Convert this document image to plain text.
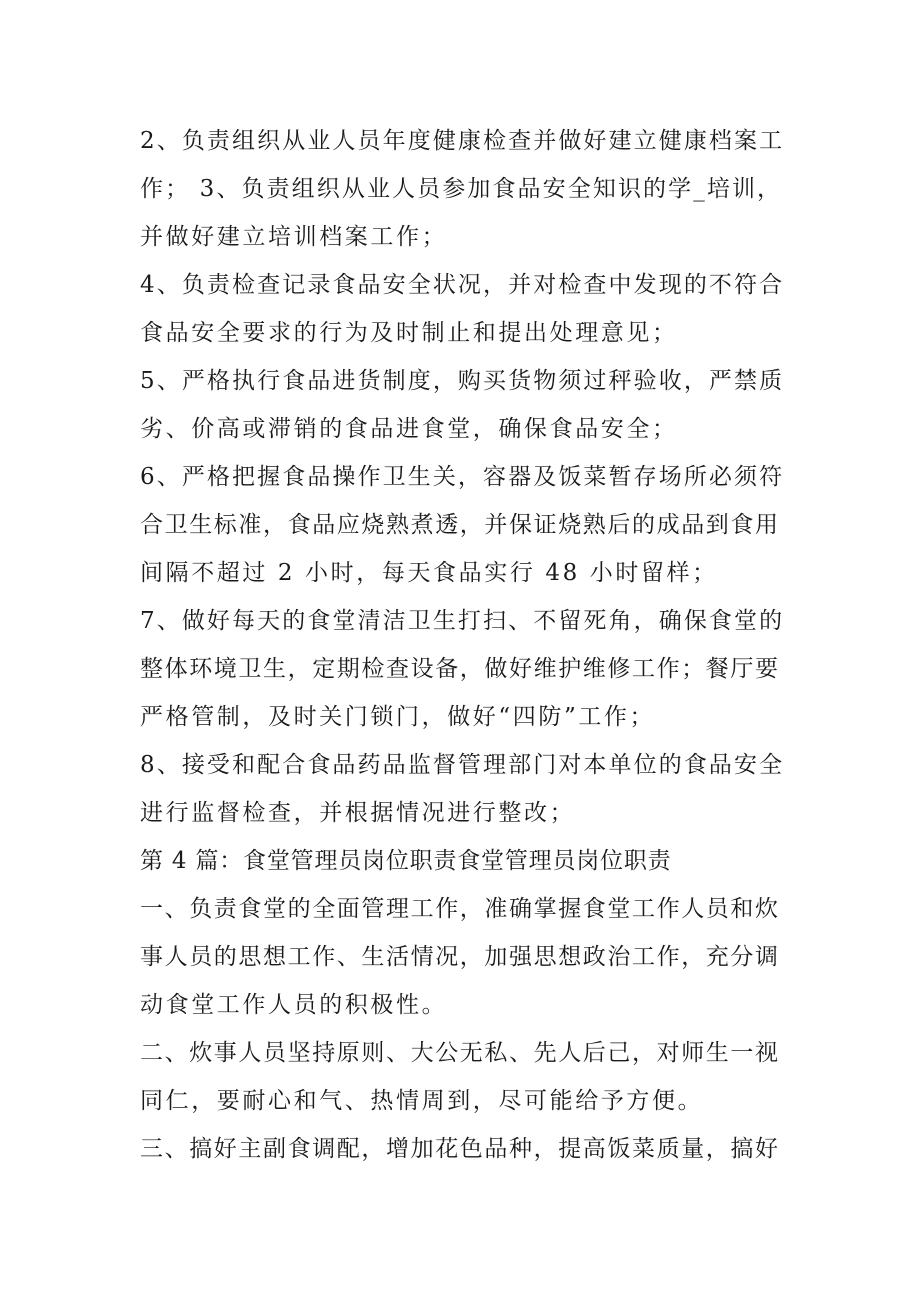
2、负责组织从业人员年度健康检查并做好建立健康档案工
作； 3、负责组织从业人员参加食品安全知识的学_培训，
并做好建立培训档案工作；
4、负责检查记录食品安全状况，并对检查中发现的不符合
食品安全要求的行为及时制止和提出处理意见；
5、严格执行食品进货制度，购买货物须过秤验收，严禁质
劣、价高或滞销的食品进食堂，确保食品安全；
6、严格把握食品操作卫生关，容器及饭菜暂存场所必须符
合卫生标准，食品应烧熟煮透，并保证烧熟后的成品到食用
间隔不超过 2 小时，每天食品实行 48 小时留样；
7、做好每天的食堂清洁卫生打扫、不留死角，确保食堂的
整体环境卫生，定期检查设备，做好维护维修工作；餐厅要
严格管制，及时关门锁门，做好“四防”工作；
8、接受和配合食品药品监督管理部门对本单位的食品安全
进行监督检查，并根据情况进行整改；
第 4 篇：食堂管理员岗位职责食堂管理员岗位职责
一、负责食堂的全面管理工作，准确掌握食堂工作人员和炊
事人员的思想工作、生活情况，加强思想政治工作，充分调
动食堂工作人员的积极性。
二、炊事人员坚持原则、大公无私、先人后己，对师生一视
同仁，要耐心和气、热情周到，尽可能给予方便。
三、搞好主副食调配，增加花色品种，提高饭菜质量，搞好
